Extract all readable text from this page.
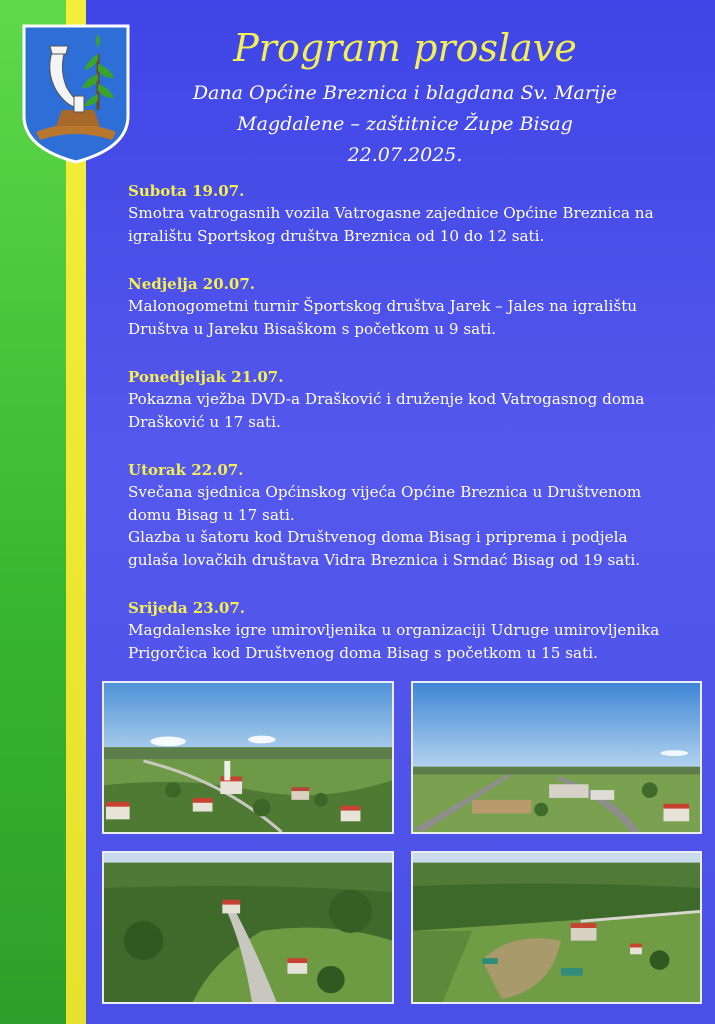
Program proslave
Dana Općine Breznica i blagdana Sv. Marije
Magdalene – zaštitnice Župe Bisag
22.07.2025.
Subota 19.07.
Smotra vatrogasnih vozila Vatrogasne zajednice Općine Breznica na
igralištu Sportskog društva Breznica od 10 do 12 sati.
Nedjelja 20.07.
Malonogometni turnir Športskog društva Jarek – Jales na igralištu
Društva u Jareku Bisaškom s početkom u 9 sati.
Ponedjeljak 21.07.
Pokazna vježba DVD-a Drašković i druženje kod Vatrogasnog doma
Drašković u 17 sati.
Utorak 22.07.
Svečana sjednica Općinskog vijeća Općine Breznica u Društvenom
domu Bisag u 17 sati.
Glazba u šatoru kod Društvenog doma Bisag i priprema i podjela
gulaša lovačkih društava Vidra Breznica i Srndać Bisag od 19 sati.
Srijeda 23.07.
Magdalenske igre umirovljenika u organizaciji Udruge umirovljenika
Prigorčica kod Društvenog doma Bisag s početkom u 15 sati.
